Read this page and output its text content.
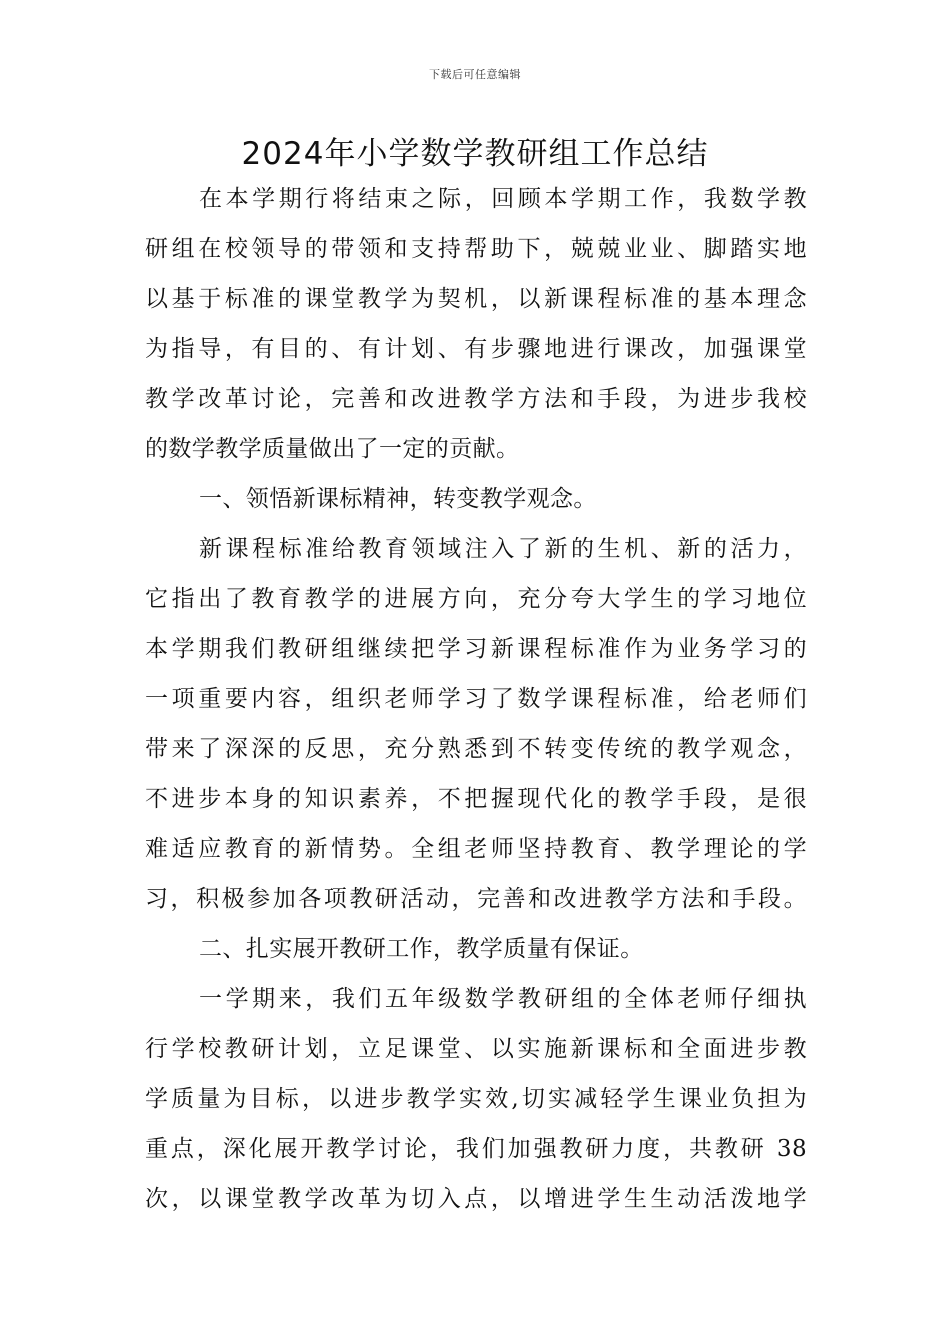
下载后可任意编辑
2024年小学数学教研组工作总结
在本学期行将结束之际，回顾本学期工作，我数学教
研组在校领导的带领和支持帮助下，兢兢业业、脚踏实地
以基于标准的课堂教学为契机，以新课程标准的基本理念
为指导，有目的、有计划、有步骤地进行课改，加强课堂
教学改革讨论，完善和改进教学方法和手段，为进步我校
的数学教学质量做出了一定的贡献。
一、领悟新课标精神，转变教学观念。
新课程标准给教育领域注入了新的生机、新的活力，
它指出了教育教学的进展方向，充分夸大学生的学习地位
本学期我们教研组继续把学习新课程标准作为业务学习的
一项重要内容，组织老师学习了数学课程标准，给老师们
带来了深深的反思，充分熟悉到不转变传统的教学观念，
不进步本身的知识素养，不把握现代化的教学手段，是很
难适应教育的新情势。全组老师坚持教育、教学理论的学
习，积极参加各项教研活动，完善和改进教学方法和手段。
二、扎实展开教研工作，教学质量有保证。
一学期来，我们五年级数学教研组的全体老师仔细执
行学校教研计划，立足课堂、以实施新课标和全面进步教
学质量为目标，以进步教学实效,切实减轻学生课业负担为
重点，深化展开教学讨论，我们加强教研力度，共教研 38
次，以课堂教学改革为切入点，以增进学生生动活泼地学
